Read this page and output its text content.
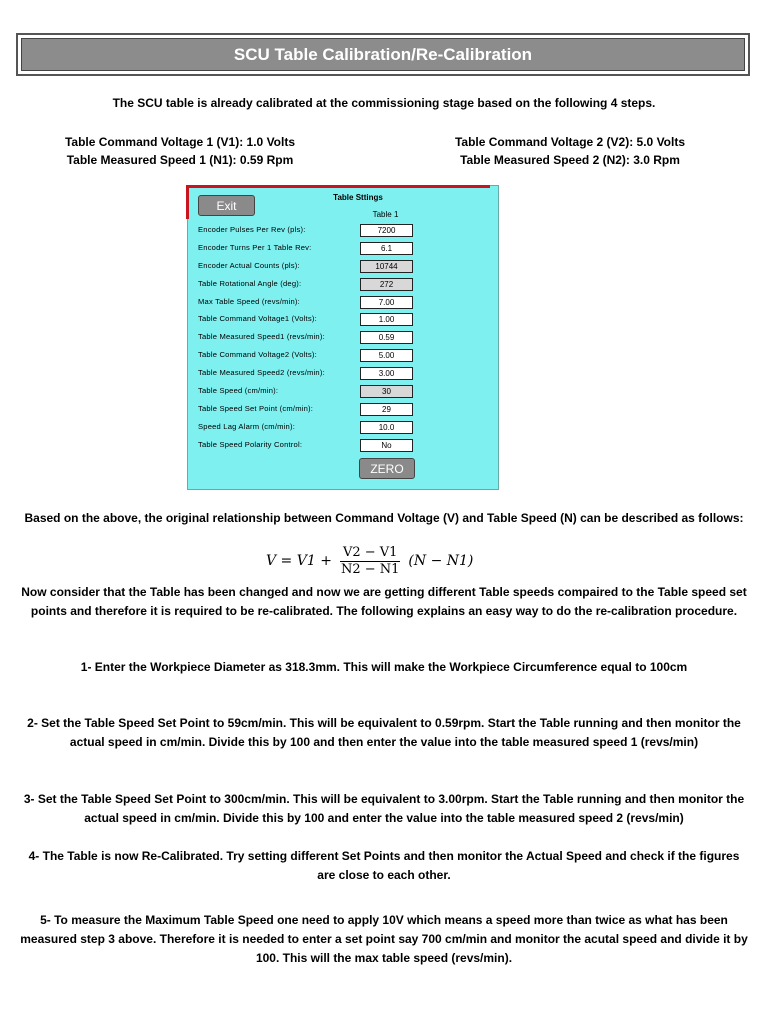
SCU Table Calibration/Re-Calibration
The SCU table is already calibrated at the commissioning stage based on the following 4 steps.
Table Command Voltage 1 (V1): 1.0 Volts
Table Measured Speed 1 (N1): 0.59 Rpm
Table Command Voltage 2 (V2): 5.0 Volts
Table Measured Speed 2 (N2): 3.0 Rpm
Exit
Table Sttings
Table 1
Encoder Pulses Per Rev (pls):	7200
Encoder Turns Per 1 Table Rev:	6.1
Encoder Actual Counts (pls):	10744
Table Rotational Angle (deg):	272
Max Table Speed (revs/min):	7.00
Table Command Voltage1 (Volts):	1.00
Table Measured Speed1 (revs/min):	0.59
Table Command Voltage2 (Volts):	5.00
Table Measured Speed2 (revs/min):	3.00
Table Speed (cm/min):	30
Table Speed Set Point (cm/min):	29
Speed Lag Alarm (cm/min):	10.0
Table Speed Polarity Control:	No
ZERO
Based on the above, the original relationship between Command Voltage (V) and Table Speed (N) can be described as follows:
$V = V1 + \frac{V2 - V1}{N2 - N1} (N - N1)$
Now consider that the Table has been changed and now we are getting different Table speeds compaired to the Table speed set points and therefore it is required to be re-calibrated. The following explains an easy way to do the re-calibration procedure.
1- Enter the Workpiece Diameter as 318.3mm. This will make the Workpiece Circumference equal to 100cm
2- Set the Table Speed Set Point to 59cm/min. This will be equivalent to 0.59rpm. Start the Table running and then monitor the actual speed in cm/min. Divide this by 100 and then enter the value into the table measured speed 1 (revs/min)
3- Set the Table Speed Set Point to 300cm/min. This will be equivalent to 3.00rpm. Start the Table running and then monitor the actual speed in cm/min. Divide this by 100 and enter the value into the table measured speed 2 (revs/min)
4- The Table is now Re-Calibrated. Try setting different Set Points and then monitor the Actual Speed and check if the figures are close to each other.
5- To measure the Maximum Table Speed one need to apply 10V which means a speed more than twice as what has been measured step 3 above. Therefore it is needed to enter a set point say 700 cm/min and monitor the acutal speed and divide it by 100. This will the max table speed (revs/min).
